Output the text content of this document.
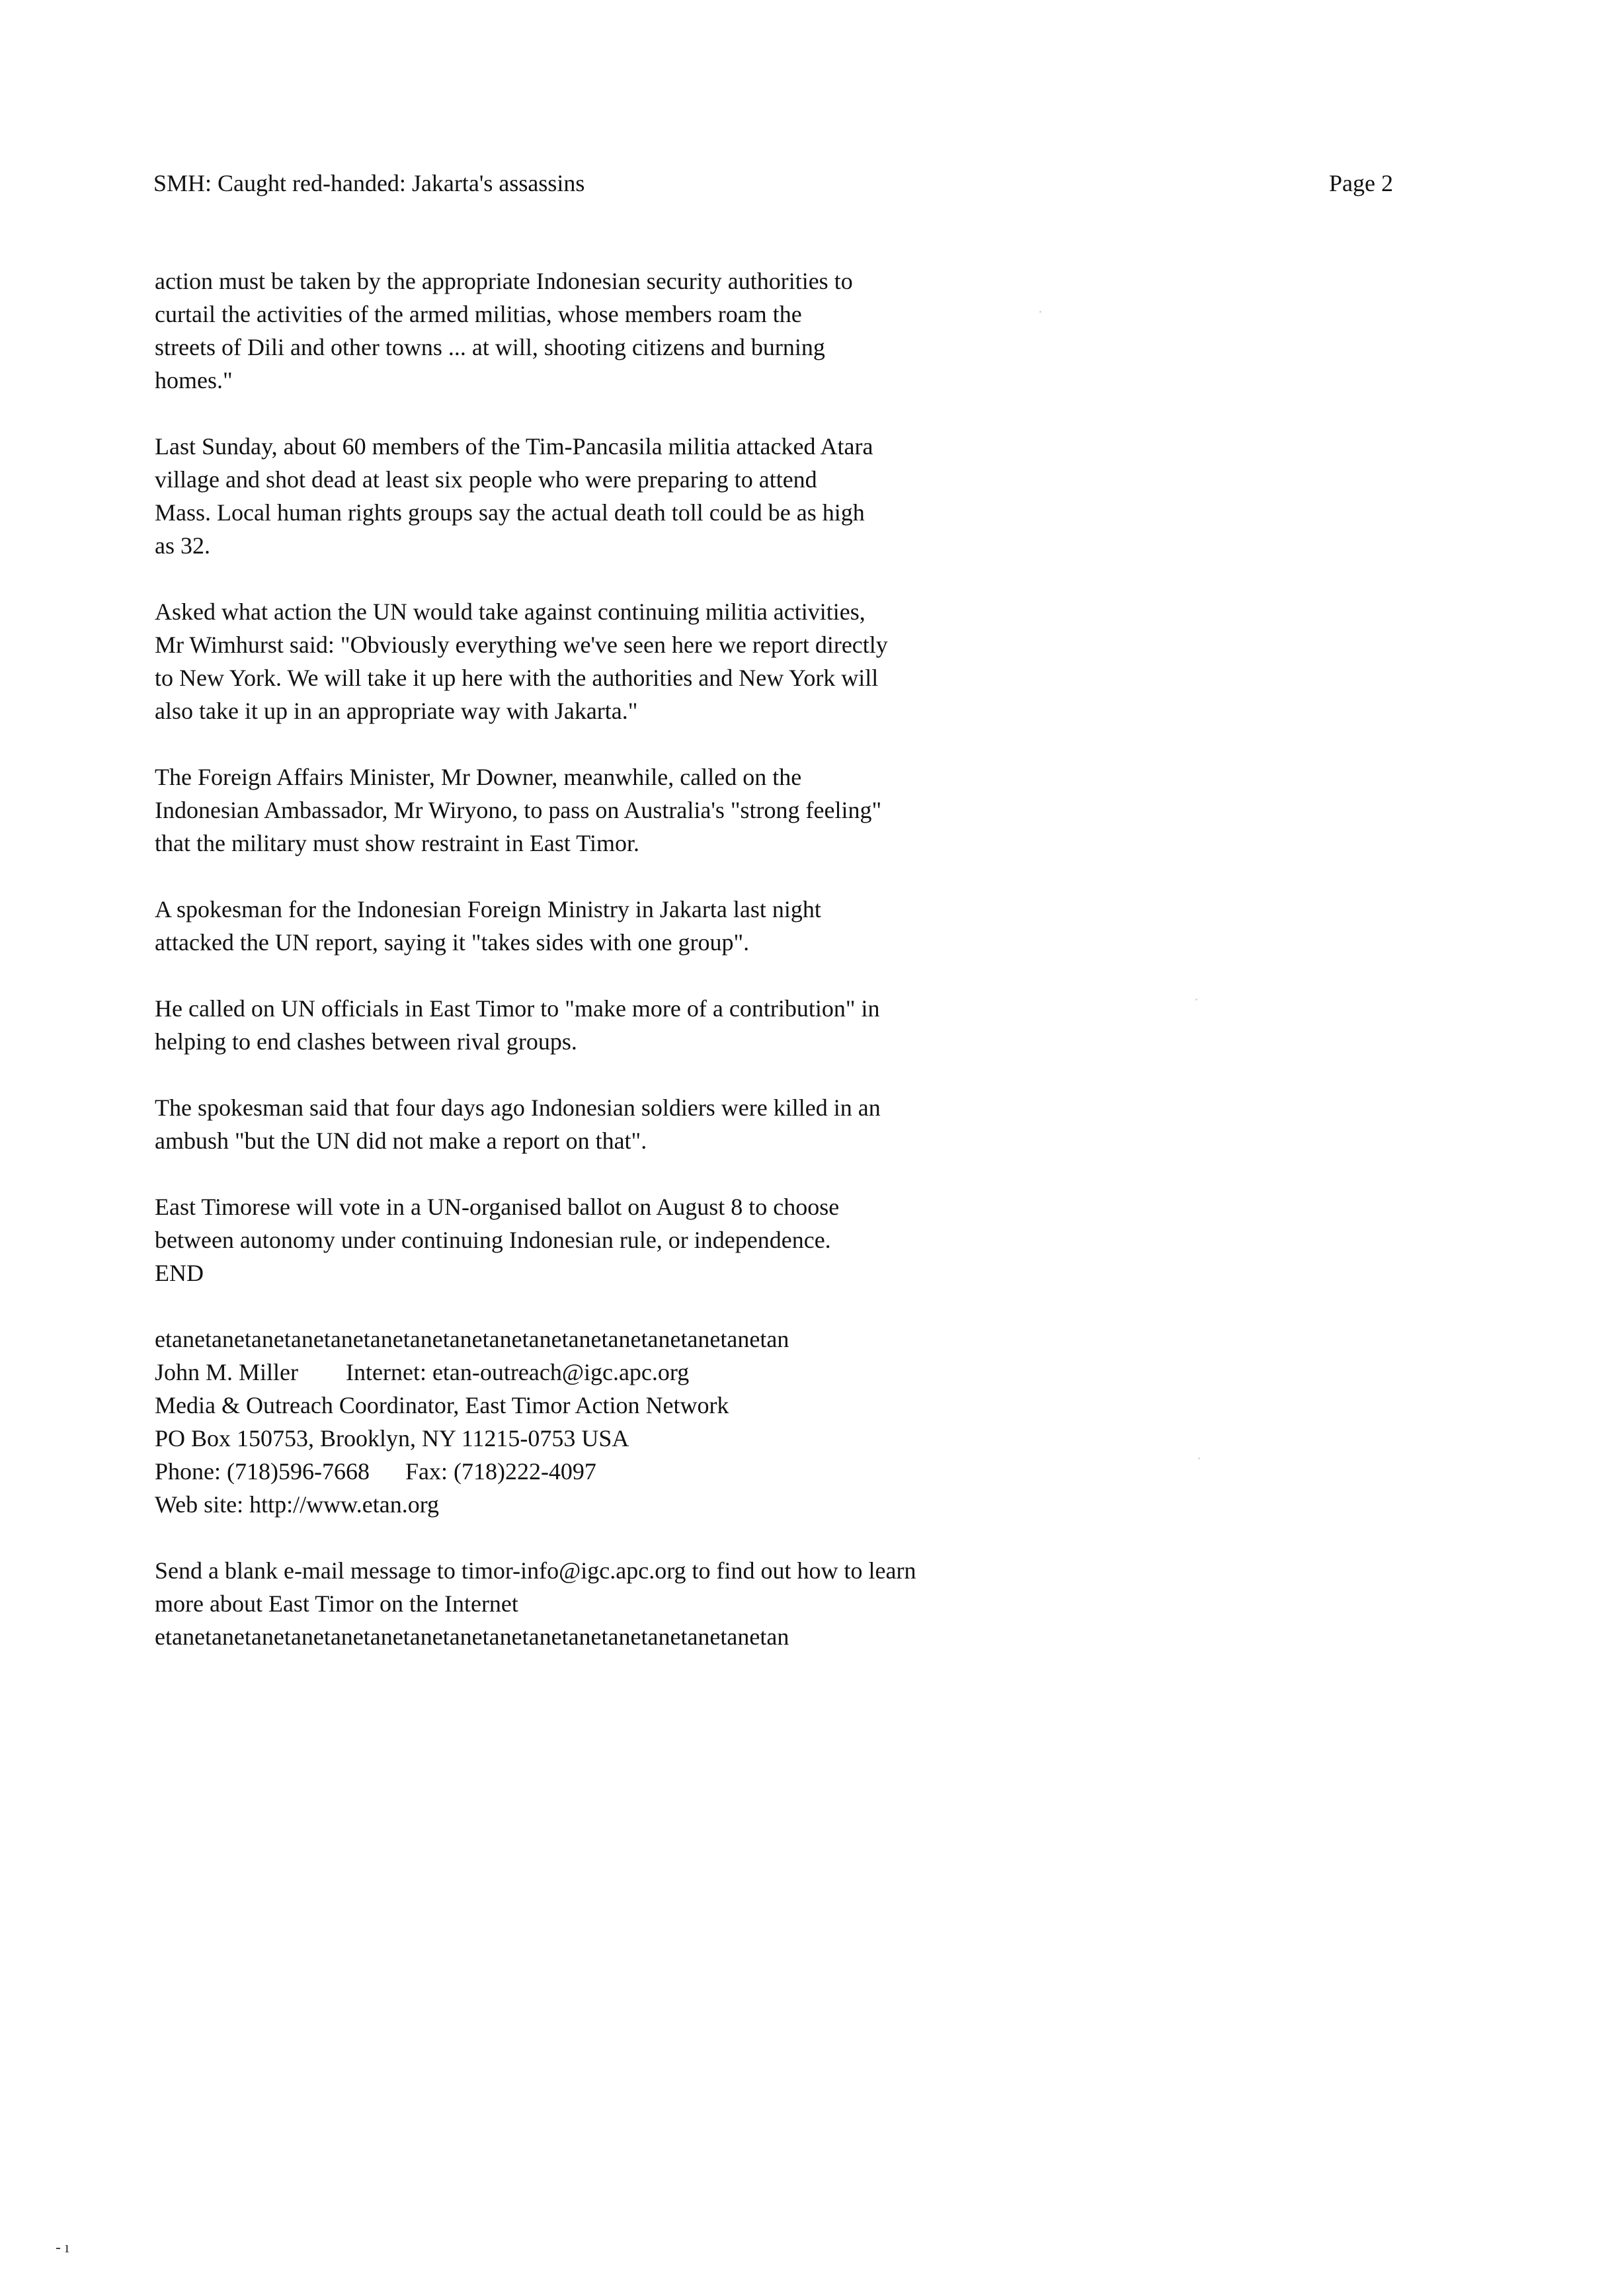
SMH: Caught red-handed: Jakarta's assassins	Page 2
action must be taken by the appropriate Indonesian security authorities to
curtail the activities of the armed militias, whose members roam the
streets of Dili and other towns ... at will, shooting citizens and burning
homes."
Last Sunday, about 60 members of the Tim-Pancasila militia attacked Atara
village and shot dead at least six people who were preparing to attend
Mass. Local human rights groups say the actual death toll could be as high
as 32.
Asked what action the UN would take against continuing militia activities,
Mr Wimhurst said: "Obviously everything we've seen here we report directly
to New York. We will take it up here with the authorities and New York will
also take it up in an appropriate way with Jakarta."
The Foreign Affairs Minister, Mr Downer, meanwhile, called on the
Indonesian Ambassador, Mr Wiryono, to pass on Australia's "strong feeling"
that the military must show restraint in East Timor.
A spokesman for the Indonesian Foreign Ministry in Jakarta last night
attacked the UN report, saying it "takes sides with one group".
He called on UN officials in East Timor to "make more of a contribution" in
helping to end clashes between rival groups.
The spokesman said that four days ago Indonesian soldiers were killed in an
ambush "but the UN did not make a report on that".
East Timorese will vote in a UN-organised ballot on August 8 to choose
between autonomy under continuing Indonesian rule, or independence.
END
etanetanetanetanetanetanetanetanetanetanetanetanetanetanetanetan
John M. Miller        Internet: etan-outreach@igc.apc.org
Media & Outreach Coordinator, East Timor Action Network
PO Box 150753, Brooklyn, NY 11215-0753 USA
Phone: (718)596-7668      Fax: (718)222-4097
Web site: http://www.etan.org
Send a blank e-mail message to timor-info@igc.apc.org to find out how to learn
more about East Timor on the Internet
etanetanetanetanetanetanetanetanetanetanetanetanetanetanetanetan
- ı
